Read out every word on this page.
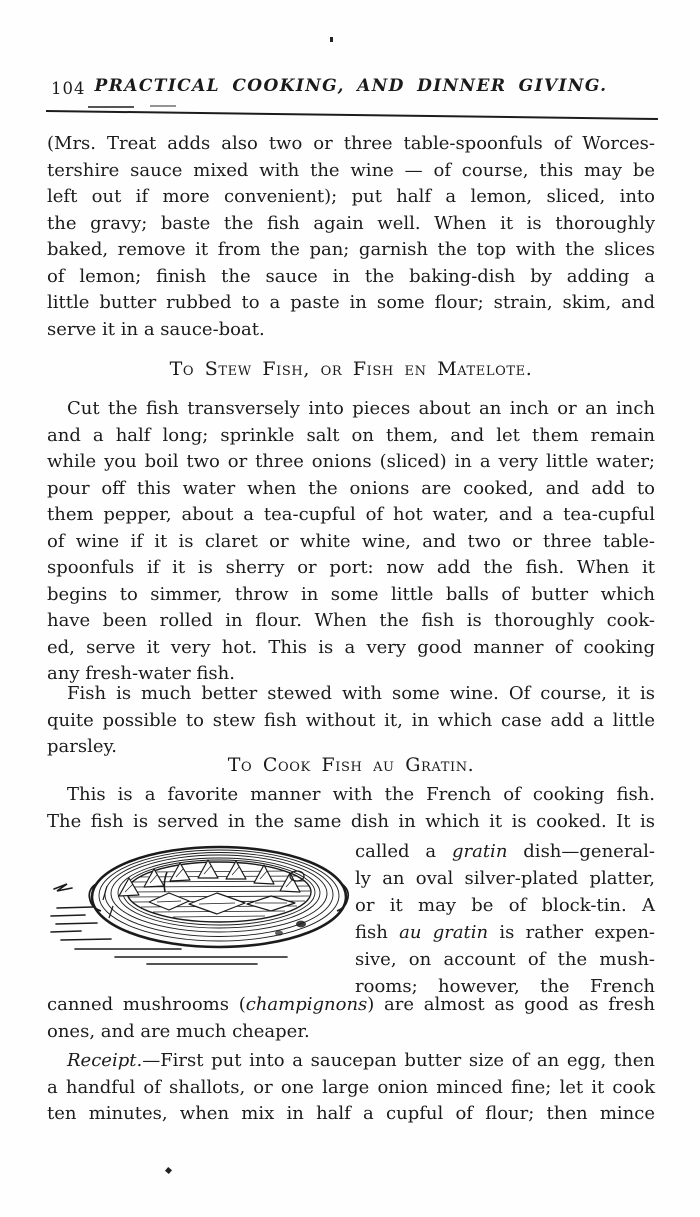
104 PRACTICAL COOKING, AND DINNER GIVING.
(Mrs. Treat adds also two or three table-spoonfuls of Worces-
tershire sauce mixed with the wine — of course, this may be
left out if more convenient); put half a lemon, sliced, into
the gravy; baste the fish again well. When it is thoroughly
baked, remove it from the pan; garnish the top with the slices
of lemon; finish the sauce in the baking-dish by adding a
little butter rubbed to a paste in some flour; strain, skim, and
serve it in a sauce-boat.
To Stew Fish, or Fish en Matelote.
Cut the fish transversely into pieces about an inch or an inch
and a half long; sprinkle salt on them, and let them remain
while you boil two or three onions (sliced) in a very little water;
pour off this water when the onions are cooked, and add to
them pepper, about a tea-cupful of hot water, and a tea-cupful
of wine if it is claret or white wine, and two or three table-
spoonfuls if it is sherry or port: now add the fish. When it
begins to simmer, throw in some little balls of butter which
have been rolled in flour. When the fish is thoroughly cook-
ed, serve it very hot. This is a very good manner of cooking
any fresh-water fish.
Fish is much better stewed with some wine. Of course, it is
quite possible to stew fish without it, in which case add a little
parsley.
To Cook Fish au Gratin.
This is a favorite manner with the French of cooking fish.
The fish is served in the same dish in which it is cooked. It is
called a gratin dish—general-
ly an oval silver-plated platter,
or it may be of block-tin. A
fish au gratin is rather expen-
sive, on account of the mush-
rooms; however, the French
canned mushrooms (champignons) are almost as good as fresh
ones, and are much cheaper.
Receipt.—First put into a saucepan butter size of an egg, then
a handful of shallots, or one large onion minced fine; let it cook
ten minutes, when mix in half a cupful of flour; then mince
